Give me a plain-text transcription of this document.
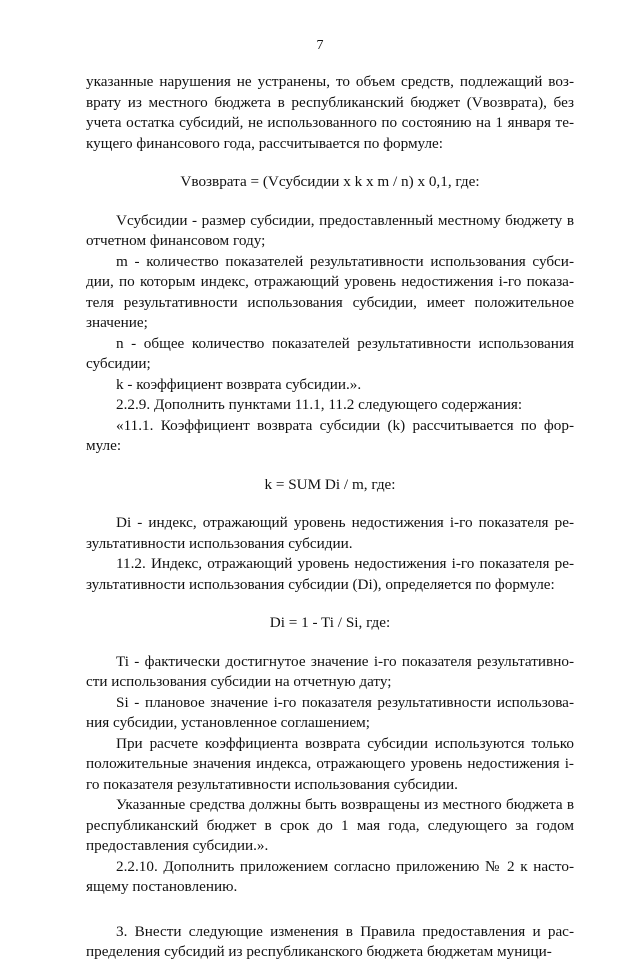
7

указанные нарушения не устранены, то объем средств, подлежащий возврату из местного бюджета в республиканский бюджет (Vвозврата), без учета остатка субсидий, не использованного по состоянию на 1 января текущего финансового года, рассчитывается по формуле:

Vвозврата = (Vсубсидии x k x m / n) x 0,1, где:

Vсубсидии - размер субсидии, предоставленный местному бюджету в отчетном финансовом году;

m - количество показателей результативности использования субсидии, по которым индекс, отражающий уровень недостижения i-го показателя результативности использования субсидии, имеет положительное значение;

n - общее количество показателей результативности использования субсидии;

k - коэффициент возврата субсидии.».

2.2.9. Дополнить пунктами 11.1, 11.2 следующего содержания:

«11.1. Коэффициент возврата субсидии (k) рассчитывается по формуле:

k = SUM Di / m, где:

Di - индекс, отражающий уровень недостижения i-го показателя результативности использования субсидии.

11.2. Индекс, отражающий уровень недостижения i-го показателя результативности использования субсидии (Di), определяется по формуле:

Di = 1 - Ti / Si, где:

Ti - фактически достигнутое значение i-го показателя результативности использования субсидии на отчетную дату;

Si - плановое значение i-го показателя результативности использования субсидии, установленное соглашением;

При расчете коэффициента возврата субсидии используются только положительные значения индекса, отражающего уровень недостижения i-го показателя результативности использования субсидии.

Указанные средства должны быть возвращены из местного бюджета в республиканский бюджет в срок до 1 мая года, следующего за годом предоставления субсидии.».

2.2.10. Дополнить приложением согласно приложению № 2 к настоящему постановлению.

3. Внести следующие изменения в Правила предоставления и распределения субсидий из республиканского бюджета бюджетам муници-
